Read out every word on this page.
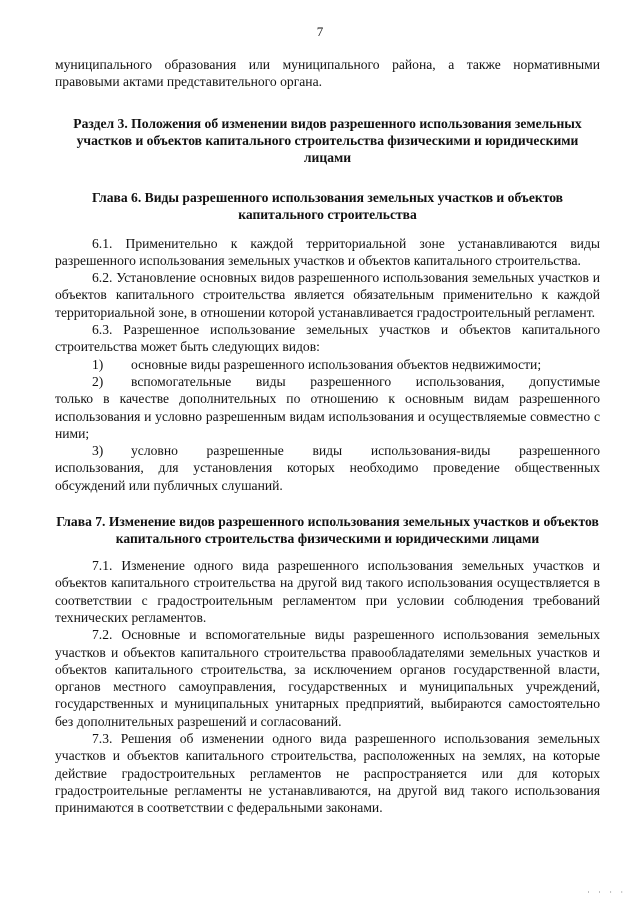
7

муниципального образования или муниципального района, а также нормативными правовыми актами представительного органа.

Раздел 3. Положения об изменении видов разрешенного использования земельных участков и объектов капитального строительства физическими и юридическими лицами

Глава 6. Виды разрешенного использования земельных участков и объектов капитального строительства

6.1. Применительно к каждой территориальной зоне устанавливаются виды разрешенного использования земельных участков и объектов капитального строительства.

6.2. Установление основных видов разрешенного использования земельных участков и объектов капитального строительства является обязательным применительно к каждой территориальной зоне, в отношении которой устанавливается градостроительный регламент.

6.3. Разрешенное использование земельных участков и объектов капитального строительства может быть следующих видов:

1)	основные виды разрешенного использования объектов недвижимости;
2)	вспомогательные виды разрешенного использования, допустимые

только в качестве дополнительных по отношению к основным видам разрешенного использования и условно разрешенным видам использования и осуществляемые совместно с ними;

3)	условно разрешенные виды использования-виды разрешенного

использования, для установления которых необходимо проведение общественных обсуждений или публичных слушаний.

Глава 7. Изменение видов разрешенного использования земельных участков и объектов капитального строительства физическими и юридическими лицами

7.1. Изменение одного вида разрешенного использования земельных участков и объектов капитального строительства на другой вид такого использования осуществляется в соответствии с градостроительным регламентом при условии соблюдения требований технических регламентов.

7.2. Основные и вспомогательные виды разрешенного использования земельных участков и объектов капитального строительства правообладателями земельных участков и объектов капитального строительства, за исключением органов государственной власти, органов местного самоуправления, государственных и муниципальных учреждений, государственных и муниципальных унитарных предприятий, выбираются самостоятельно без дополнительных разрешений и согласований.

7.3. Решения об изменении одного вида разрешенного использования земельных участков и объектов капитального строительства, расположенных на землях, на которые действие градостроительных регламентов не распространяется или для которых градостроительные регламенты не устанавливаются, на другой вид такого использования принимаются в соответствии с федеральными законами.

· · · ·
